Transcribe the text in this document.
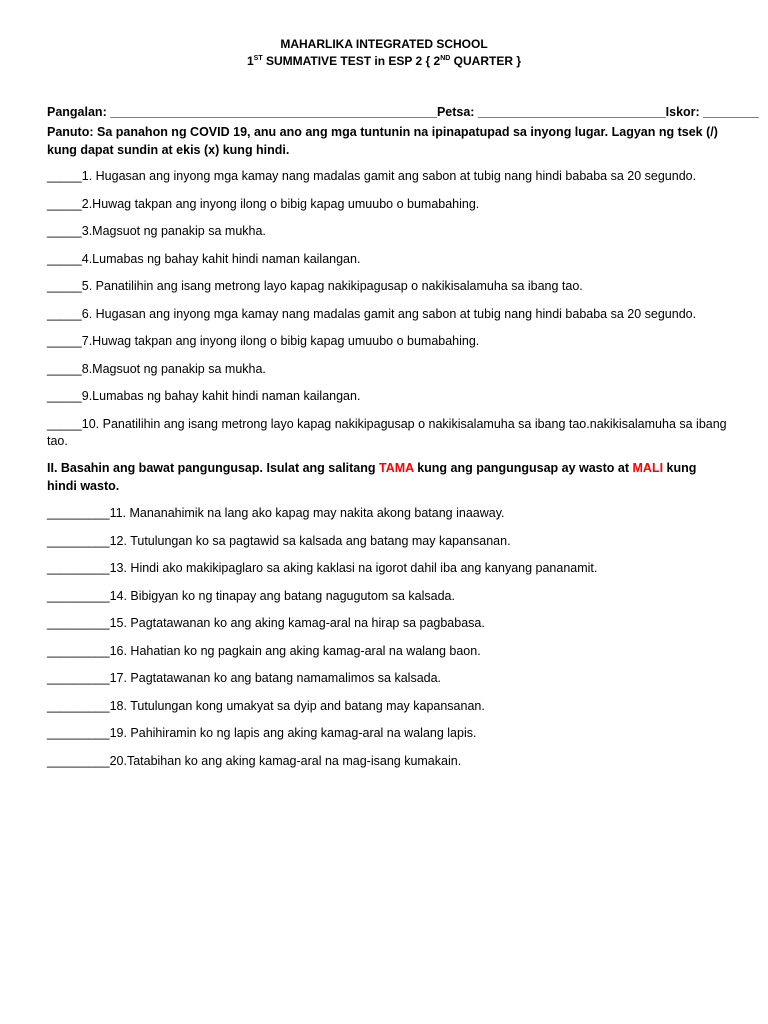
MAHARLIKA INTEGRATED SCHOOL
1ST SUMMATIVE TEST in ESP 2 { 2ND QUARTER }
Pangalan: _______________________________________________Petsa: ___________________________Iskor: ________
Panuto: Sa panahon ng COVID 19, anu ano ang mga tuntunin na ipinapatupad sa inyong lugar. Lagyan ng tsek (/) kung dapat sundin at ekis (x) kung hindi.
_____1. Hugasan ang inyong mga kamay nang madalas gamit ang sabon at tubig nang hindi bababa sa 20 segundo.
_____2.Huwag takpan ang inyong ilong o bibig kapag umuubo o bumabahing.
_____3.Magsuot ng panakip sa mukha.
_____4.Lumabas ng bahay kahit hindi naman kailangan.
_____5. Panatilihin ang isang metrong layo kapag nakikipagusap o nakikisalamuha sa ibang tao.
_____6. Hugasan ang inyong mga kamay nang madalas gamit ang sabon at tubig nang hindi bababa sa 20 segundo.
_____7.Huwag takpan ang inyong ilong o bibig kapag umuubo o bumabahing.
_____8.Magsuot ng panakip sa mukha.
_____9.Lumabas ng bahay kahit hindi naman kailangan.
_____10. Panatilihin ang isang metrong layo kapag nakikipagusap o nakikisalamuha sa ibang tao.nakikisalamuha sa ibang tao.
II. Basahin ang bawat pangungusap. Isulat ang salitang TAMA kung ang pangungusap ay wasto at MALI kung hindi wasto.
_________11. Mananahimik na lang ako kapag may nakita akong batang inaaway.
_________12. Tutulungan ko sa pagtawid sa kalsada ang batang may kapansanan.
_________13. Hindi ako makikipaglaro sa aking kaklasi na igorot dahil iba ang kanyang pananamit.
_________14. Bibigyan ko ng tinapay ang batang nagugutom sa kalsada.
_________15. Pagtatawanan ko ang aking kamag-aral na hirap sa pagbabasa.
_________16. Hahatian ko ng pagkain ang aking kamag-aral na walang baon.
_________17. Pagtatawanan ko ang batang namamalimos sa kalsada.
_________18. Tutulungan kong umakyat sa dyip and batang may kapansanan.
_________19. Pahihiramin ko ng lapis ang aking kamag-aral na walang lapis.
_________20.Tatabihan ko ang aking kamag-aral na mag-isang kumakain.
